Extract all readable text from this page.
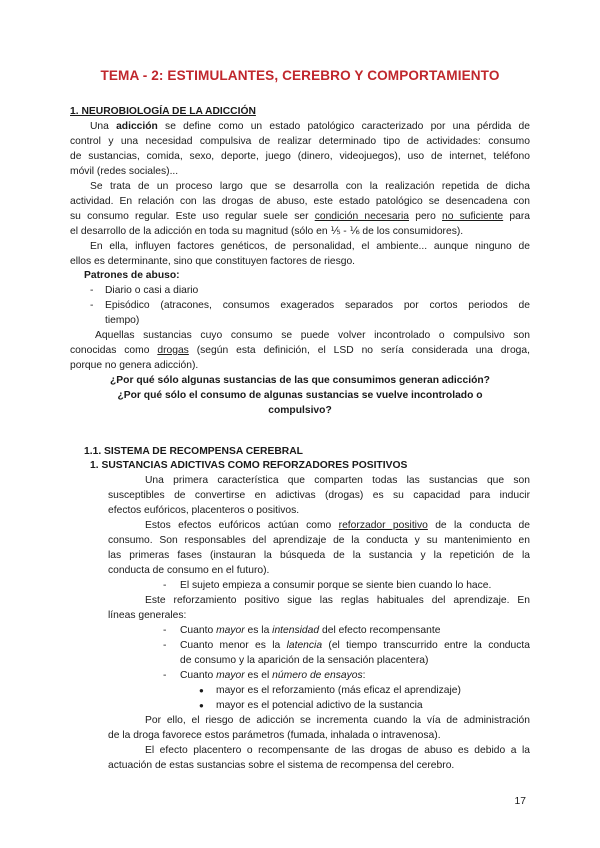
TEMA - 2: ESTIMULANTES, CEREBRO Y COMPORTAMIENTO
1. NEUROBIOLOGÍA DE LA ADICCIÓN
Una adicción se define como un estado patológico caracterizado por una pérdida de
control y una necesidad compulsiva de realizar determinado tipo de actividades: consumo
de sustancias, comida, sexo, deporte, juego (dinero, videojuegos), uso de internet, teléfono
móvil (redes sociales)...
Se trata de un proceso largo que se desarrolla con la realización repetida de dicha
actividad. En relación con las drogas de abuso, este estado patológico se desencadena con
su consumo regular. Este uso regular suele ser condición necesaria pero no suficiente para
el desarrollo de la adicción en toda su magnitud (sólo en ⅕ - ⅙ de los consumidores).
En ella, influyen factores genéticos, de personalidad, el ambiente... aunque ninguno de
ellos es determinante, sino que constituyen factores de riesgo.
Patrones de abuso:
- Diario o casi a diario
- Episódico (atracones, consumos exagerados separados por cortos periodos de
tiempo)
Aquellas sustancias cuyo consumo se puede volver incontrolado o compulsivo son
conocidas como drogas (según esta definición, el LSD no sería considerada una droga,
porque no genera adicción).
¿Por qué sólo algunas sustancias de las que consumimos generan adicción?
¿Por qué sólo el consumo de algunas sustancias se vuelve incontrolado o
compulsivo?
1.1. SISTEMA DE RECOMPENSA CEREBRAL
1. SUSTANCIAS ADICTIVAS COMO REFORZADORES POSITIVOS
Una primera característica que comparten todas las sustancias que son
susceptibles de convertirse en adictivas (drogas) es su capacidad para inducir
efectos eufóricos, placenteros o positivos.
Estos efectos eufóricos actúan como reforzador positivo de la conducta de
consumo. Son responsables del aprendizaje de la conducta y su mantenimiento en
las primeras fases (instauran la búsqueda de la sustancia y la repetición de la
conducta de consumo en el futuro).
- El sujeto empieza a consumir porque se siente bien cuando lo hace.
Este reforzamiento positivo sigue las reglas habituales del aprendizaje. En
líneas generales:
- Cuanto mayor es la intensidad del efecto recompensante
- Cuanto menor es la latencia (el tiempo transcurrido entre la conducta
de consumo y la aparición de la sensación placentera)
- Cuanto mayor es el número de ensayos:
● mayor es el reforzamiento (más eficaz el aprendizaje)
● mayor es el potencial adictivo de la sustancia
Por ello, el riesgo de adicción se incrementa cuando la vía de administración
de la droga favorece estos parámetros (fumada, inhalada o intravenosa).
El efecto placentero o recompensante de las drogas de abuso es debido a la
actuación de estas sustancias sobre el sistema de recompensa del cerebro.
17
